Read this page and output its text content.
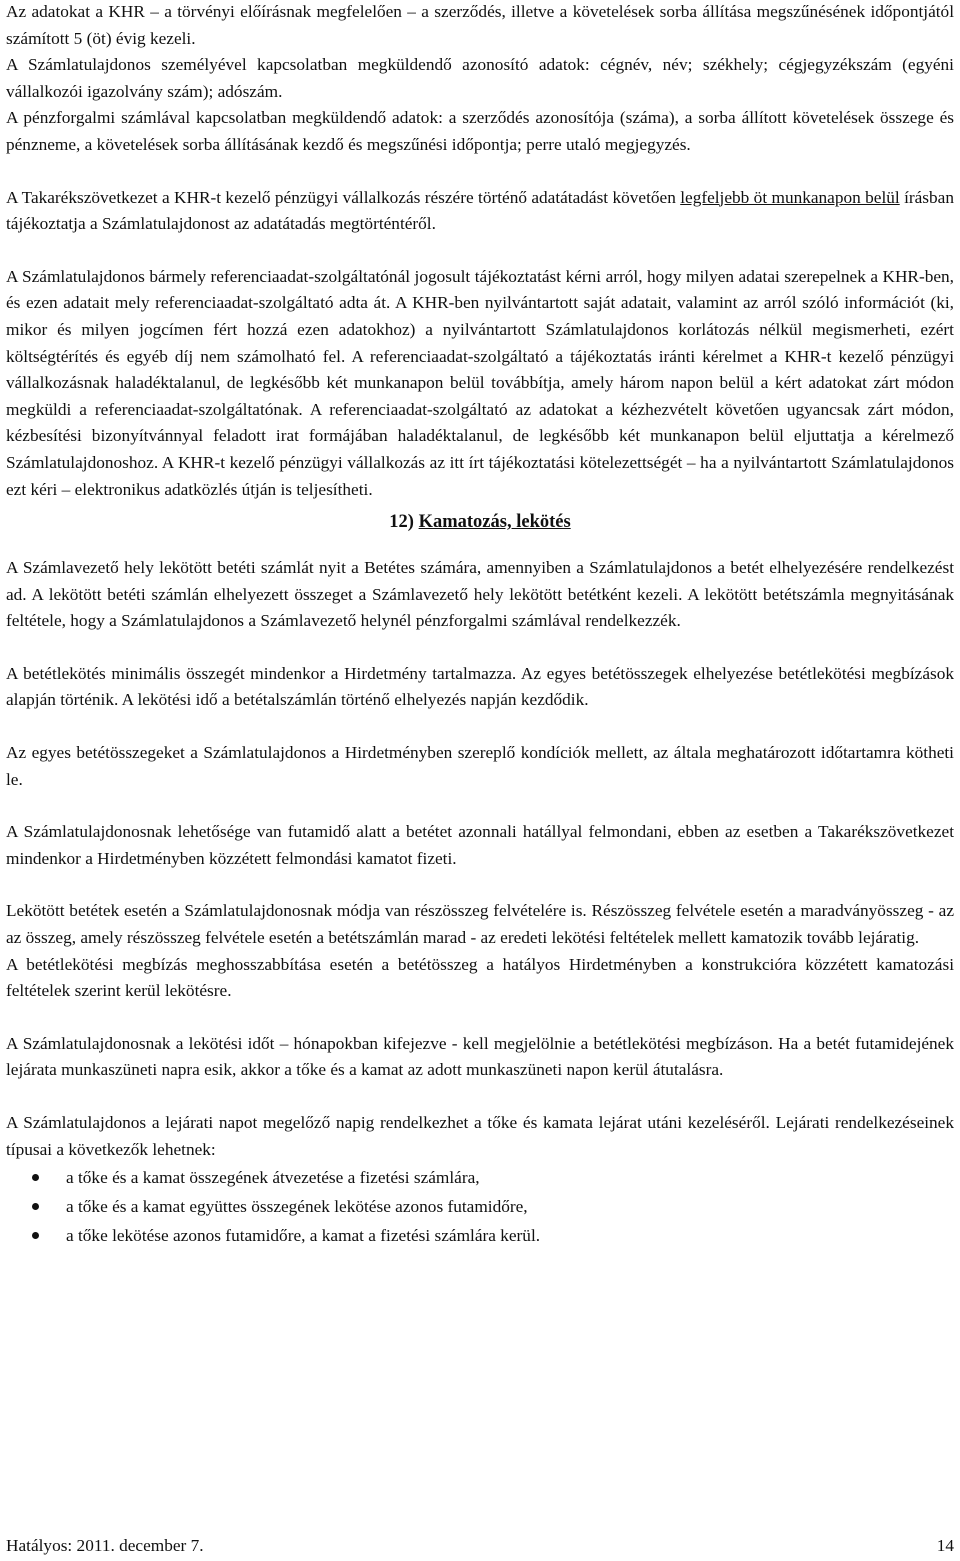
Az adatokat a KHR – a törvényi előírásnak megfelelően – a szerződés, illetve a követelések sorba állítása megszűnésének időpontjától számított 5 (öt) évig kezeli.

A Számlatulajdonos személyével kapcsolatban megküldendő azonosító adatok: cégnév, név; székhely; cégjegyzékszám (egyéni vállalkozói igazolvány szám); adószám.

A pénzforgalmi számlával kapcsolatban megküldendő adatok: a szerződés azonosítója (száma), a sorba állított követelések összege és pénzneme, a követelések sorba állításának kezdő és megszűnési időpontja; perre utaló megjegyzés.

A Takarékszövetkezet a KHR-t kezelő pénzügyi vállalkozás részére történő adatátadást követően legfeljebb öt munkanapon belül írásban tájékoztatja a Számlatulajdonost az adatátadás megtörténtéről.

A Számlatulajdonos bármely referenciaadat-szolgáltatónál jogosult tájékoztatást kérni arról, hogy milyen adatai szerepelnek a KHR-ben, és ezen adatait mely referenciaadat-szolgáltató adta át. A KHR-ben nyilvántartott saját adatait, valamint az arról szóló információt (ki, mikor és milyen jogcímen fért hozzá ezen adatokhoz) a nyilvántartott Számlatulajdonos korlátozás nélkül megismerheti, ezért költségtérítés és egyéb díj nem számolható fel. A referenciaadat-szolgáltató a tájékoztatás iránti kérelmet a KHR-t kezelő pénzügyi vállalkozásnak haladéktalanul, de legkésőbb két munkanapon belül továbbítja, amely három napon belül a kért adatokat zárt módon megküldi a referenciaadat-szolgáltatónak. A referenciaadat-szolgáltató az adatokat a kézhezvételt követően ugyancsak zárt módon, kézbesítési bizonyítvánnyal feladott irat formájában haladéktalanul, de legkésőbb két munkanapon belül eljuttatja a kérelmező Számlatulajdonoshoz. A KHR-t kezelő pénzügyi vállalkozás az itt írt tájékoztatási kötelezettségét – ha a nyilvántartott Számlatulajdonos ezt kéri – elektronikus adatközlés útján is teljesítheti.

12) Kamatozás, lekötés

A Számlavezető hely lekötött betéti számlát nyit a Betétes számára, amennyiben a Számlatulajdonos a betét elhelyezésére rendelkezést ad. A lekötött betéti számlán elhelyezett összeget a Számlavezető hely lekötött betétként kezeli. A lekötött betétszámla megnyitásának feltétele, hogy a Számlatulajdonos a Számlavezető helynél pénzforgalmi számlával rendelkezzék.

A betétlekötés minimális összegét mindenkor a Hirdetmény tartalmazza. Az egyes betétösszegek elhelyezése betétlekötési megbízások alapján történik. A lekötési idő a betétalszámlán történő elhelyezés napján kezdődik.

Az egyes betétösszegeket a Számlatulajdonos a Hirdetményben szereplő kondíciók mellett, az általa meghatározott időtartamra kötheti le.

A Számlatulajdonosnak lehetősége van futamidő alatt a betétet azonnali hatállyal felmondani, ebben az esetben a Takarékszövetkezet mindenkor a Hirdetményben közzétett felmondási kamatot fizeti.

Lekötött betétek esetén a Számlatulajdonosnak módja van részösszeg felvételére is. Részösszeg felvétele esetén a maradványösszeg - az az összeg, amely részösszeg felvétele esetén a betétszámlán marad - az eredeti lekötési feltételek mellett kamatozik tovább lejáratig.

A betétlekötési megbízás meghosszabbítása esetén a betétösszeg a hatályos Hirdetményben a konstrukcióra közzétett kamatozási feltételek szerint kerül lekötésre.

A Számlatulajdonosnak a lekötési időt – hónapokban kifejezve - kell megjelölnie a betétlekötési megbízáson. Ha a betét futamidejének lejárata munkaszüneti napra esik, akkor a tőke és a kamat az adott munkaszüneti napon kerül átutalásra.

A Számlatulajdonos a lejárati napot megelőző napig rendelkezhet a tőke és kamata lejárat utáni kezeléséről. Lejárati rendelkezéseinek típusai a következők lehetnek:

a tőke és a kamat összegének átvezetése a fizetési számlára,
a tőke és a kamat együttes összegének lekötése azonos futamidőre,
a tőke lekötése azonos futamidőre, a kamat a fizetési számlára kerül.
Hatályos: 2011. december 7.	14
